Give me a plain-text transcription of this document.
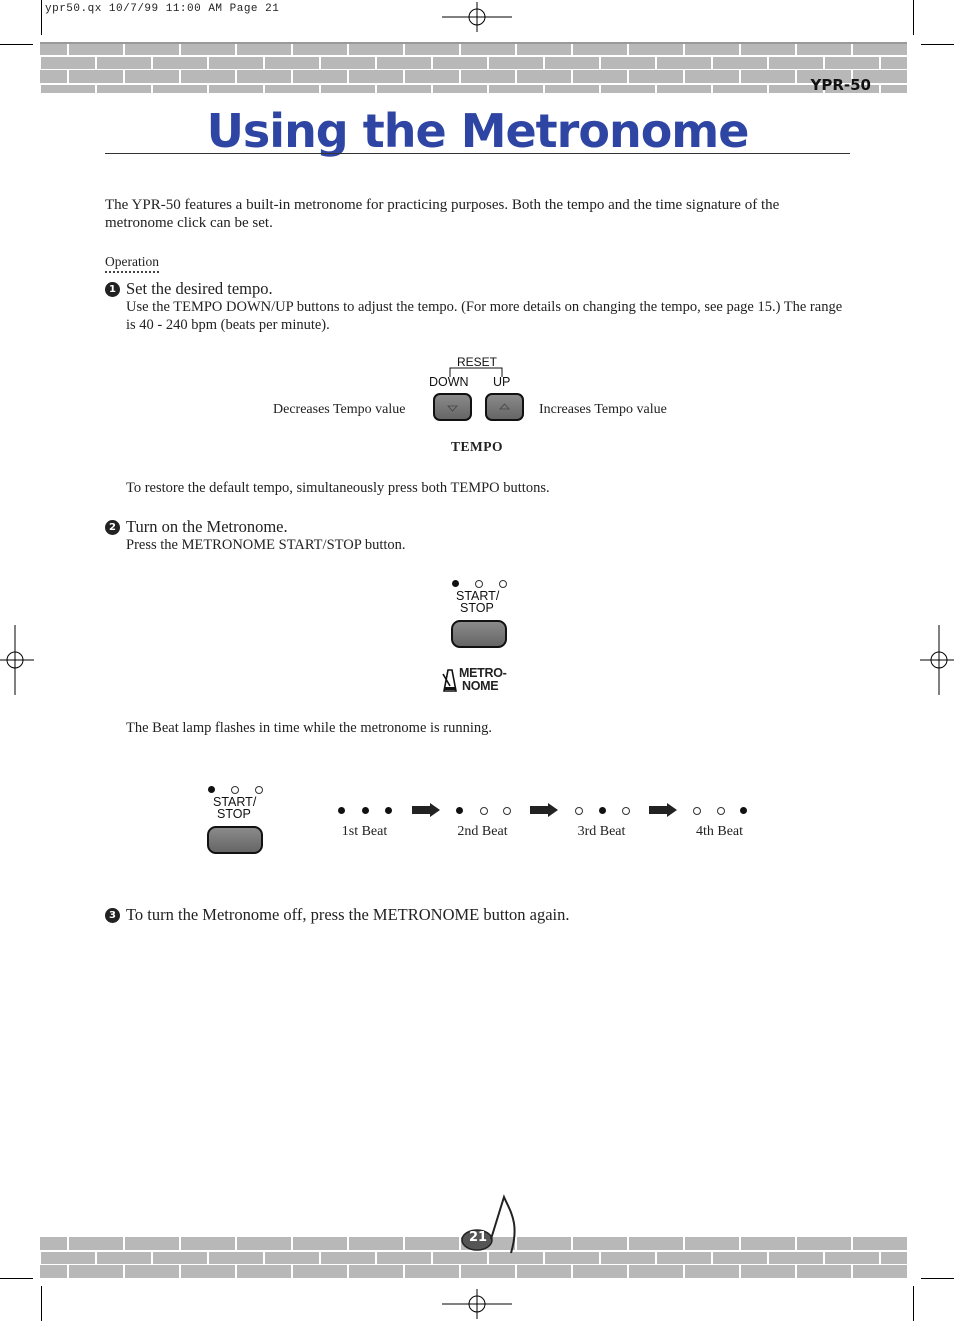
ypr50.qx 10/7/99 11:00 AM Page 21
YPR-50
Using the Metronome
The YPR-50 features a built-in metronome for practicing purposes. Both the tempo and the time signature of the metronome click can be set.
Operation
1 Set the desired tempo.
Use the TEMPO DOWN/UP buttons to adjust the tempo. (For more details on changing the tempo, see page 15.) The range is 40 - 240 bpm (beats per minute).
RESET
DOWN UP
Decreases Tempo value	Increases Tempo value
TEMPO
To restore the default tempo, simultaneously press both TEMPO buttons.
2 Turn on the Metronome.
Press the METRONOME START/STOP button.
START/
STOP
METRO-
NOME
The Beat lamp flashes in time while the metronome is running.
START/
STOP
1st Beat	2nd Beat	3rd Beat	4th Beat
3 To turn the Metronome off, press the METRONOME button again.
21
